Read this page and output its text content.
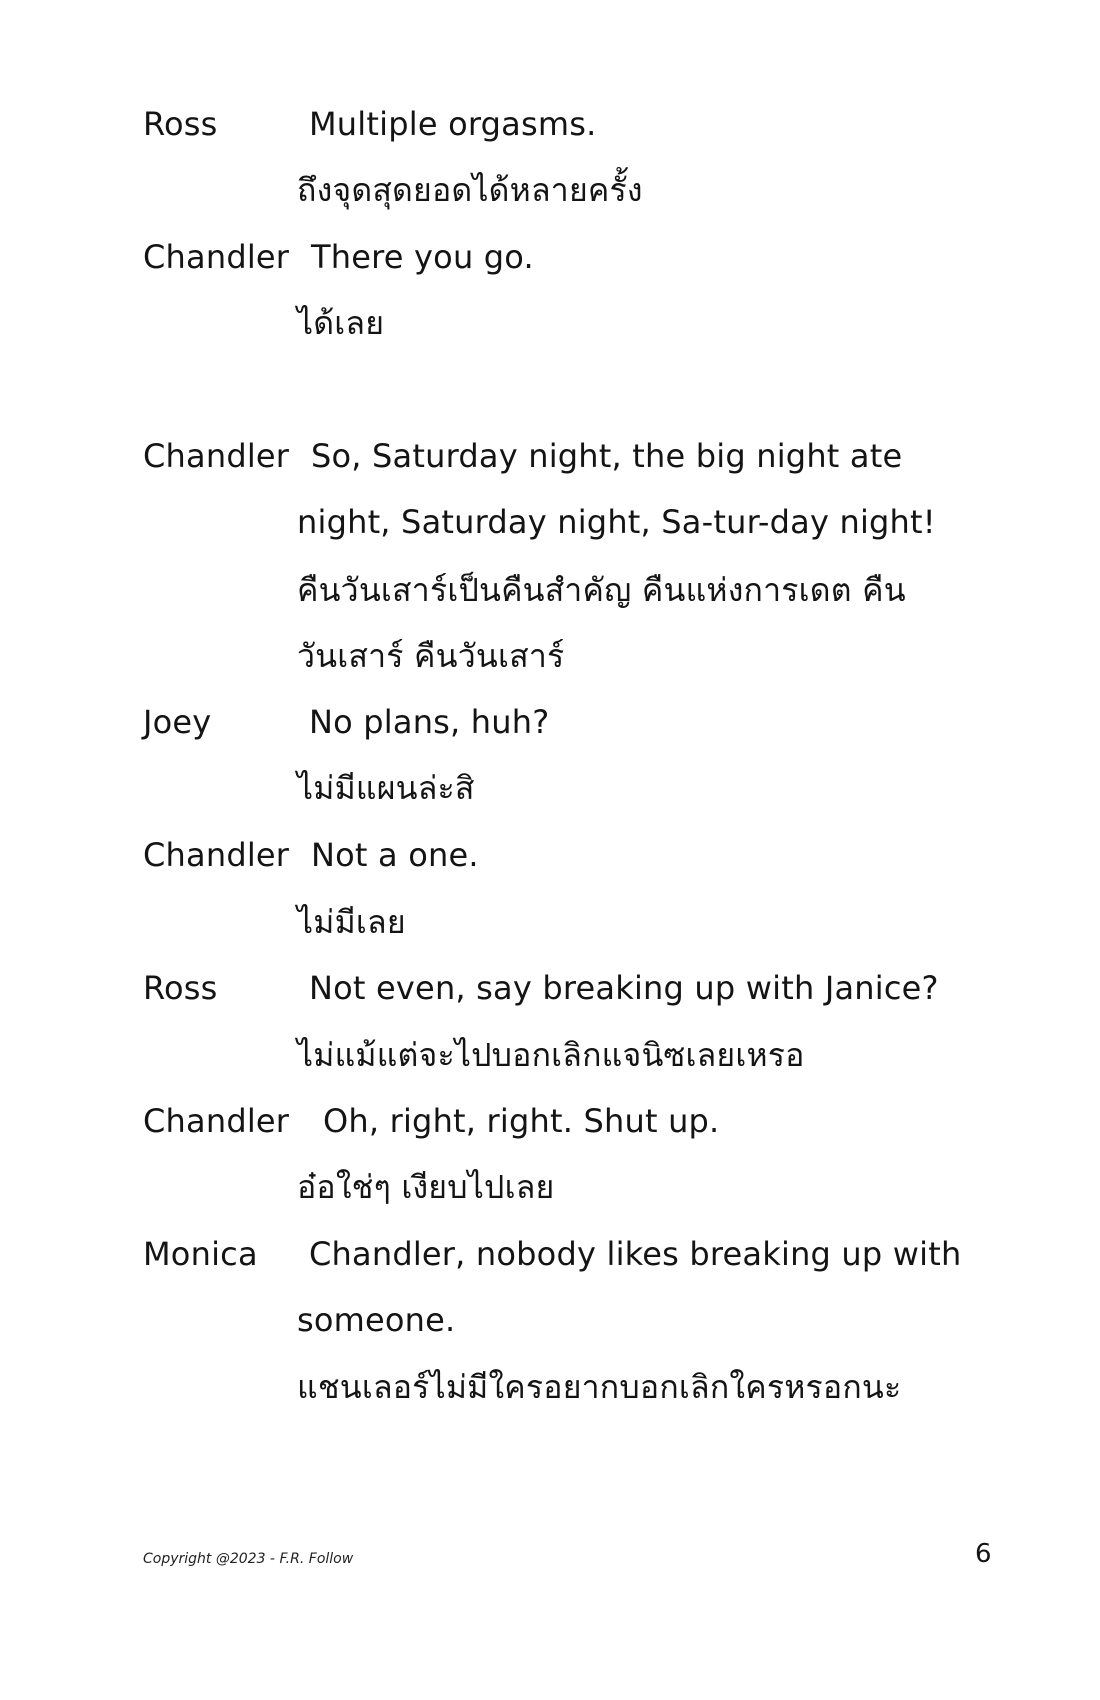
Ross	Multiple orgasms.
ถึงจุดสุดยอดได้หลายครั้ง
Chandler There you go.
ได้เลย
Chandler So, Saturday night, the big night ate
night, Saturday night, Sa-tur-day night!
คืนวันเสาร์เป็นคืนสำคัญ คืนแห่งการเดต คืน
วันเสาร์ คืนวันเสาร์
Joey	No plans, huh?
ไม่มีแผนล่ะสิ
Chandler Not a one.
ไม่มีเลย
Ross	Not even, say breaking up with Janice?
ไม่แม้แต่จะไปบอกเลิกแจนิซเลยเหรอ
Chandler Oh, right, right. Shut up.
อ๋อใช่ๆ เงียบไปเลย
Monica Chandler, nobody likes breaking up with
someone.
แชนเลอร์ไม่มีใครอยากบอกเลิกใครหรอกนะ
Copyright @2023 - F.R. Follow	6
